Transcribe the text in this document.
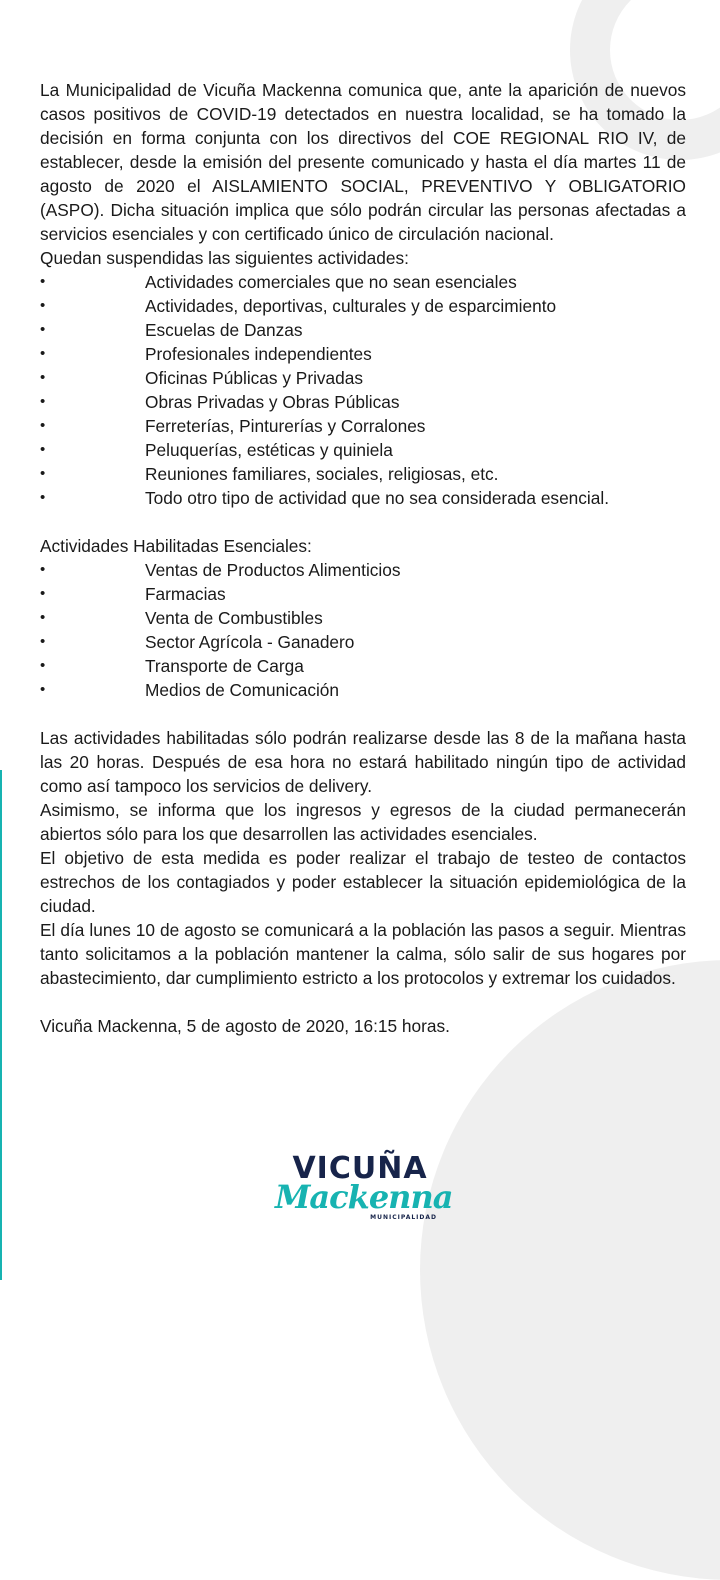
La Municipalidad de Vicuña Mackenna comunica que, ante la aparición de nuevos casos positivos de COVID-19 detectados en nuestra localidad, se ha tomado la decisión en forma conjunta con los directivos del COE REGIONAL RIO IV, de establecer, desde la emisión del presente comunicado y hasta el día martes 11 de agosto de 2020 el AISLAMIENTO SOCIAL, PREVENTIVO Y OBLIGATORIO (ASPO). Dicha situación implica que sólo podrán circular las personas afectadas a servicios esenciales y con certificado único de circulación nacional.

Quedan suspendidas las siguientes actividades:

•	Actividades comerciales que no sean esenciales
•	Actividades, deportivas, culturales y de esparcimiento
•	Escuelas de Danzas
•	Profesionales independientes
•	Oficinas Públicas y Privadas
•	Obras Privadas y Obras Públicas
•	Ferreterías, Pinturerías y Corralones
•	Peluquerías, estéticas y quiniela
•	Reuniones familiares, sociales, religiosas, etc.
•	Todo otro tipo de actividad que no sea considerada esencial.

Actividades Habilitadas Esenciales:

•	Ventas de Productos Alimenticios
•	Farmacias
•	Venta de Combustibles
•	Sector Agrícola - Ganadero
•	Transporte de Carga
•	Medios de Comunicación

Las actividades habilitadas sólo podrán realizarse desde las 8 de la mañana hasta las 20 horas. Después de esa hora no estará habilitado ningún tipo de actividad como así tampoco los servicios de delivery.

Asimismo, se informa que los ingresos y egresos de la ciudad permanecerán abiertos sólo para los que desarrollen las actividades esenciales.

El objetivo de esta medida es poder realizar el trabajo de testeo de contactos estrechos de los contagiados y poder establecer la situación epidemiológica de la ciudad.

El día lunes 10 de agosto se comunicará a la población las pasos a seguir. Mientras tanto solicitamos a la población mantener la calma, sólo salir de sus hogares por abastecimiento, dar cumplimiento estricto a los protocolos y extremar los cuidados.

Vicuña Mackenna, 5 de agosto de 2020, 16:15 horas.

VICUÑA
Mackenna
MUNICIPALIDAD
